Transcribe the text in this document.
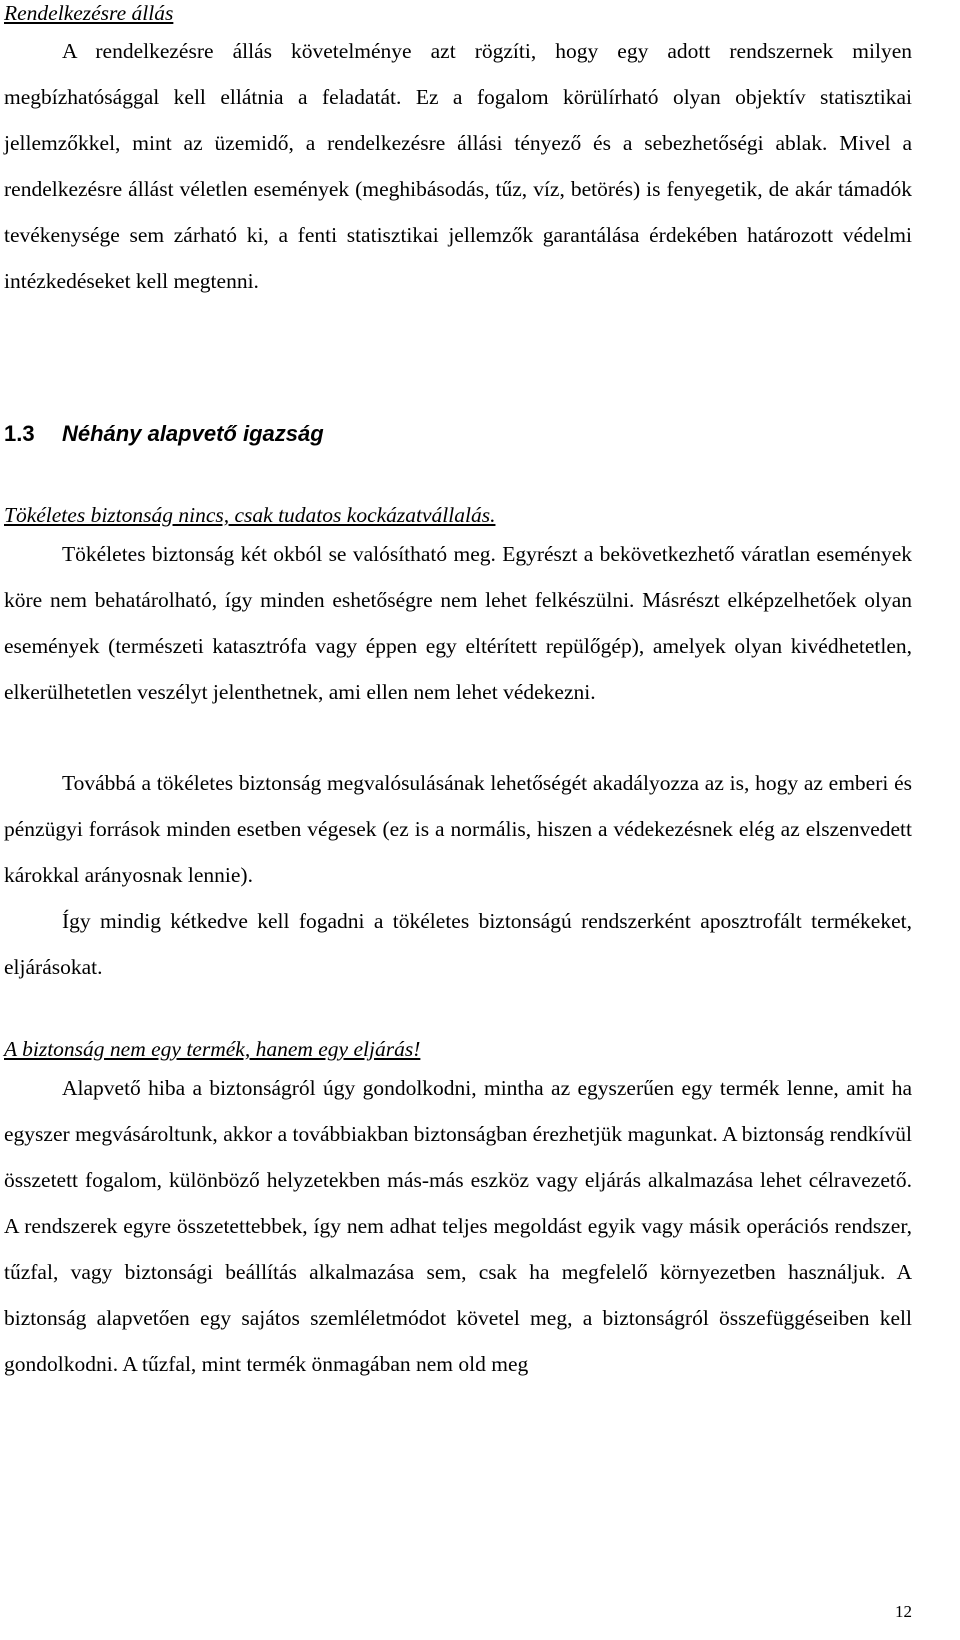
Rendelkezésre állás

A rendelkezésre állás követelménye azt rögzíti, hogy egy adott rendszernek milyen megbízhatósággal kell ellátnia a feladatát. Ez a fogalom körülírható olyan objektív statisztikai jellemzőkkel, mint az üzemidő, a rendelkezésre állási tényező és a sebezhetőségi ablak. Mivel a rendelkezésre állást véletlen események (meghibásodás, tűz, víz, betörés) is fenyegetik, de akár támadók tevékenysége sem zárható ki, a fenti statisztikai jellemzők garantálása érdekében határozott védelmi intézkedéseket kell megtenni.

1.3 Néhány alapvető igazság
Tökéletes biztonság nincs, csak tudatos kockázatvállalás.

Tökéletes biztonság két okból se valósítható meg. Egyrészt a bekövetkezhető váratlan események köre nem behatárolható, így minden eshetőségre nem lehet felkészülni. Másrészt elképzelhetőek olyan események (természeti katasztrófa vagy éppen egy eltérített repülőgép), amelyek olyan kivédhetetlen, elkerülhetetlen veszélyt jelenthetnek, ami ellen nem lehet védekezni.

Továbbá a tökéletes biztonság megvalósulásának lehetőségét akadályozza az is, hogy az emberi és pénzügyi források minden esetben végesek (ez is a normális, hiszen a védekezésnek elég az elszenvedett károkkal arányosnak lennie).

Így mindig kétkedve kell fogadni a tökéletes biztonságú rendszerként aposztrofált termékeket, eljárásokat.

A biztonság nem egy termék, hanem egy eljárás!

Alapvető hiba a biztonságról úgy gondolkodni, mintha az egyszerűen egy termék lenne, amit ha egyszer megvásároltunk, akkor a továbbiakban biztonságban érezhetjük magunkat. A biztonság rendkívül összetett fogalom, különböző helyzetekben más-más eszköz vagy eljárás alkalmazása lehet célravezető. A rendszerek egyre összetettebbek, így nem adhat teljes megoldást egyik vagy másik operációs rendszer, tűzfal, vagy biztonsági beállítás alkalmazása sem, csak ha megfelelő környezetben használjuk. A biztonság alapvetően egy sajátos szemléletmódot követel meg, a biztonságról összefüggéseiben kell gondolkodni. A tűzfal, mint termék önmagában nem old meg

12
